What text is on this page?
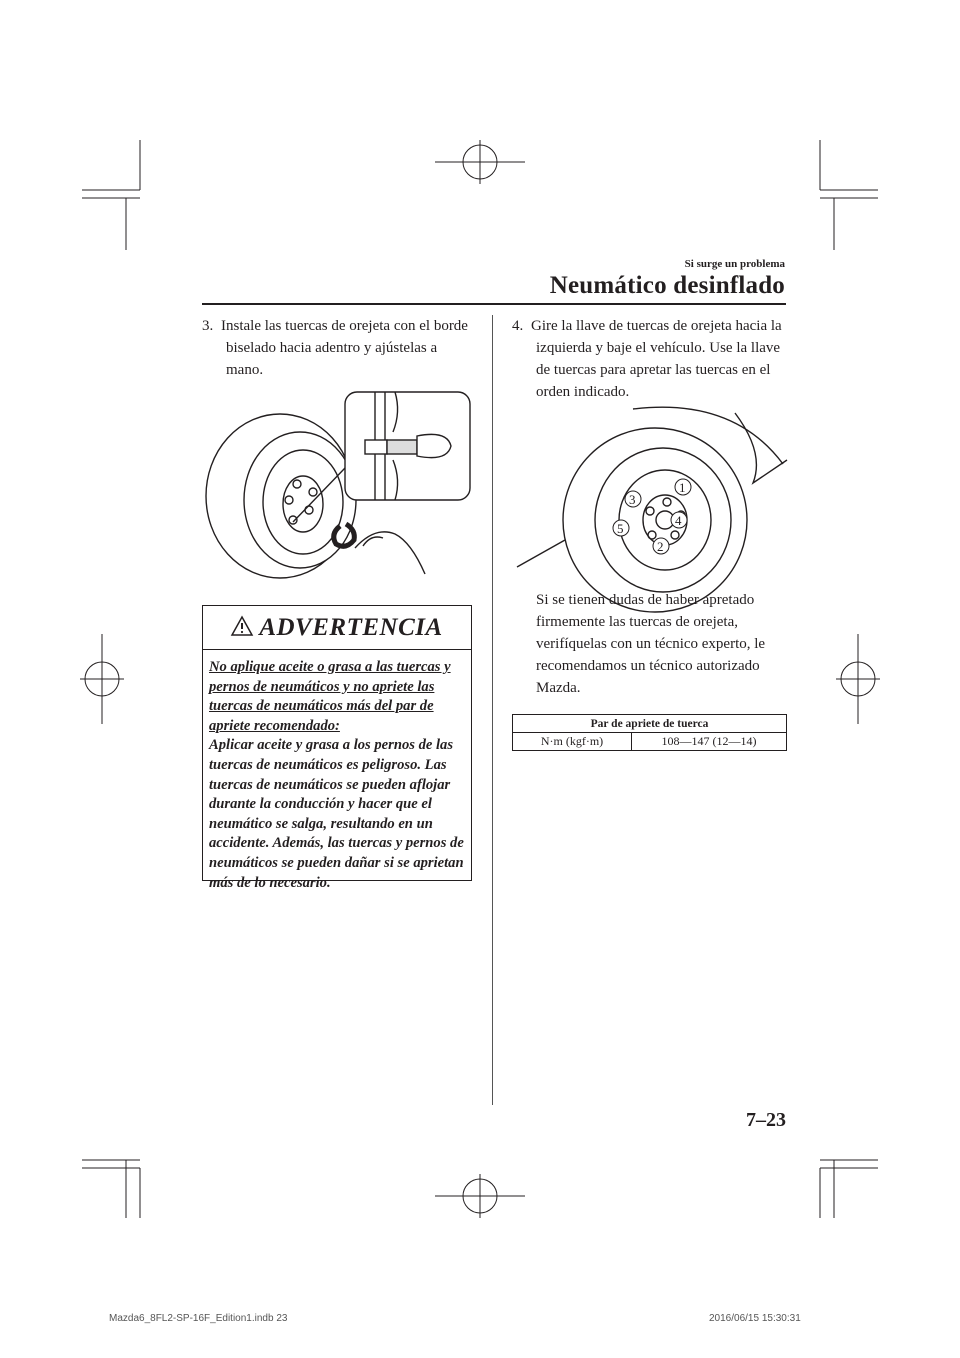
Si surge un problema
Neumático desinflado
3. Instale las tuercas de orejeta con el borde biselado hacia adentro y ajústelas a mano.
ADVERTENCIA
No aplique aceite o grasa a las tuercas y pernos de neumáticos y no apriete las tuercas de neumáticos más del par de apriete recomendado:
Aplicar aceite y grasa a los pernos de las tuercas de neumáticos es peligroso. Las tuercas de neumáticos se pueden aflojar durante la conducción y hacer que el neumático se salga, resultando en un accidente. Además, las tuercas y pernos de neumáticos se pueden dañar si se aprietan más de lo necesario.
4. Gire la llave de tuercas de orejeta hacia la izquierda y baje el vehículo. Use la llave de tuercas para apretar las tuercas en el orden indicado.
1
2
3
4
5
Si se tienen dudas de haber apretado firmemente las tuercas de orejeta, verifíquelas con un técnico experto, le recomendamos un técnico autorizado Mazda.
Par de apriete de tuerca
N·m (kgf·m)	108—147 (12—14)
7–23
Mazda6_8FL2-SP-16F_Edition1.indb 23	2016/06/15 15:30:31
